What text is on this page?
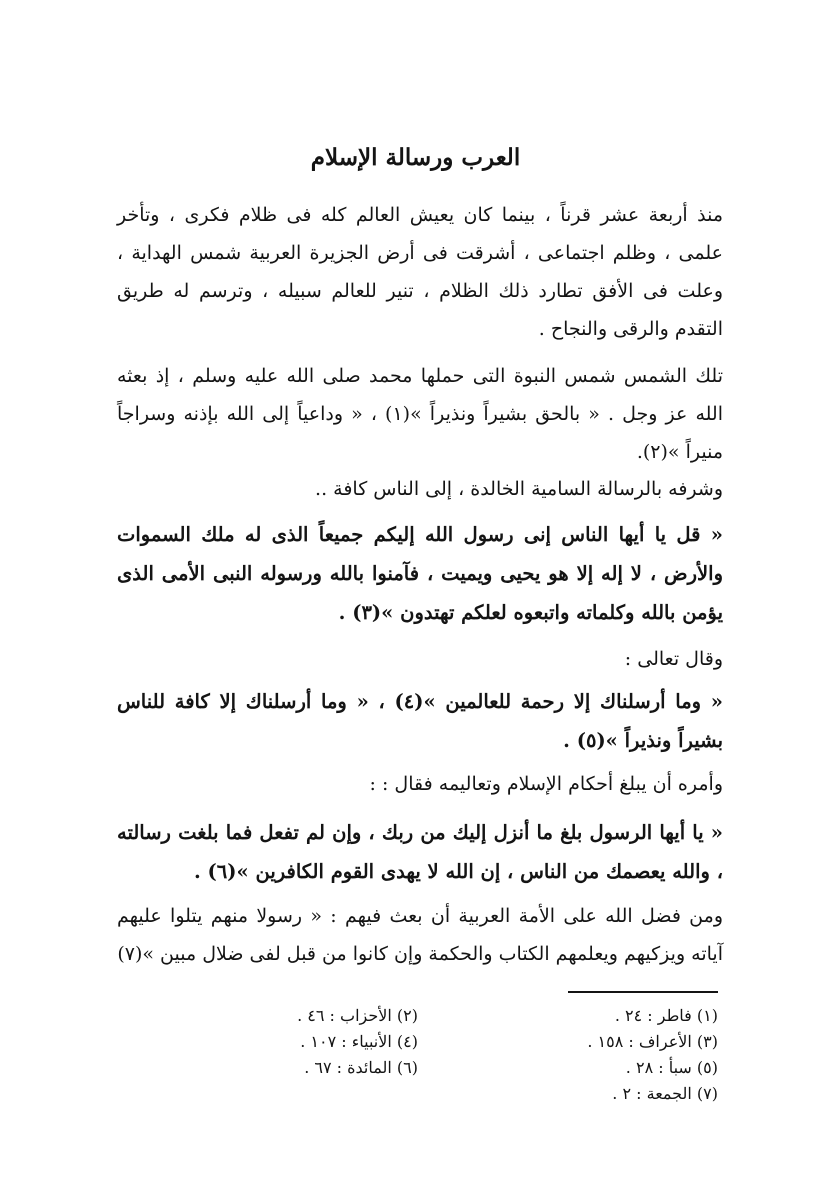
العرب ورسالة الإسلام

منذ أربعة عشر قرناً ، بينما كان يعيش العالم كله فى ظلام فكرى ، وتأخر علمى ، وظلم اجتماعى ، أشرقت فى أرض الجزيرة العربية شمس الهداية ، وعلت فى الأفق تطارد ذلك الظلام ، تنير للعالم سبيله ، وترسم له طريق التقدم والرقى والنجاح .

تلك الشمس شمس النبوة التى حملها محمد صلى الله عليه وسلم ، إذ بعثه الله عز وجل . « بالحق بشيراً ونذيراً »(١) ، « وداعياً إلى الله بإذنه وسراجاً منيراً »(٢).

وشرفه بالرسالة السامية الخالدة ، إلى الناس كافة ..

« قل يا أيها الناس إنى رسول الله إليكم جميعاً الذى له ملك السموات والأرض ، لا إله إلا هو يحيى ويميت ، فآمنوا بالله ورسوله النبى الأمى الذى يؤمن بالله وكلماته واتبعوه لعلكم تهتدون »(٣) .

وقال تعالى :

« وما أرسلناك إلا رحمة للعالمين »(٤) ، « وما أرسلناك إلا كافة للناس بشيراً ونذيراً »(٥) .

وأمره أن يبلغ أحكام الإسلام وتعاليمه فقال : :

« يا أيها الرسول بلغ ما أنزل إليك من ربك ، وإن لم تفعل فما بلغت رسالته ، والله يعصمك من الناس ، إن الله لا يهدى القوم الكافرين »(٦) .

ومن فضل الله على الأمة العربية أن بعث فيهم : « رسولا منهم يتلوا عليهم آياته ويزكيهم ويعلمهم الكتاب والحكمة وإن كانوا من قبل لفى ضلال مبين »(٧)

(١) فاطر : ٢٤ .
(٢) الأحزاب : ٤٦ .
(٣) الأعراف : ١٥٨ .
(٤) الأنبياء : ١٠٧ .
(٥) سبأ : ٢٨ .
(٦) المائدة : ٦٧ .
(٧) الجمعة : ٢ .
